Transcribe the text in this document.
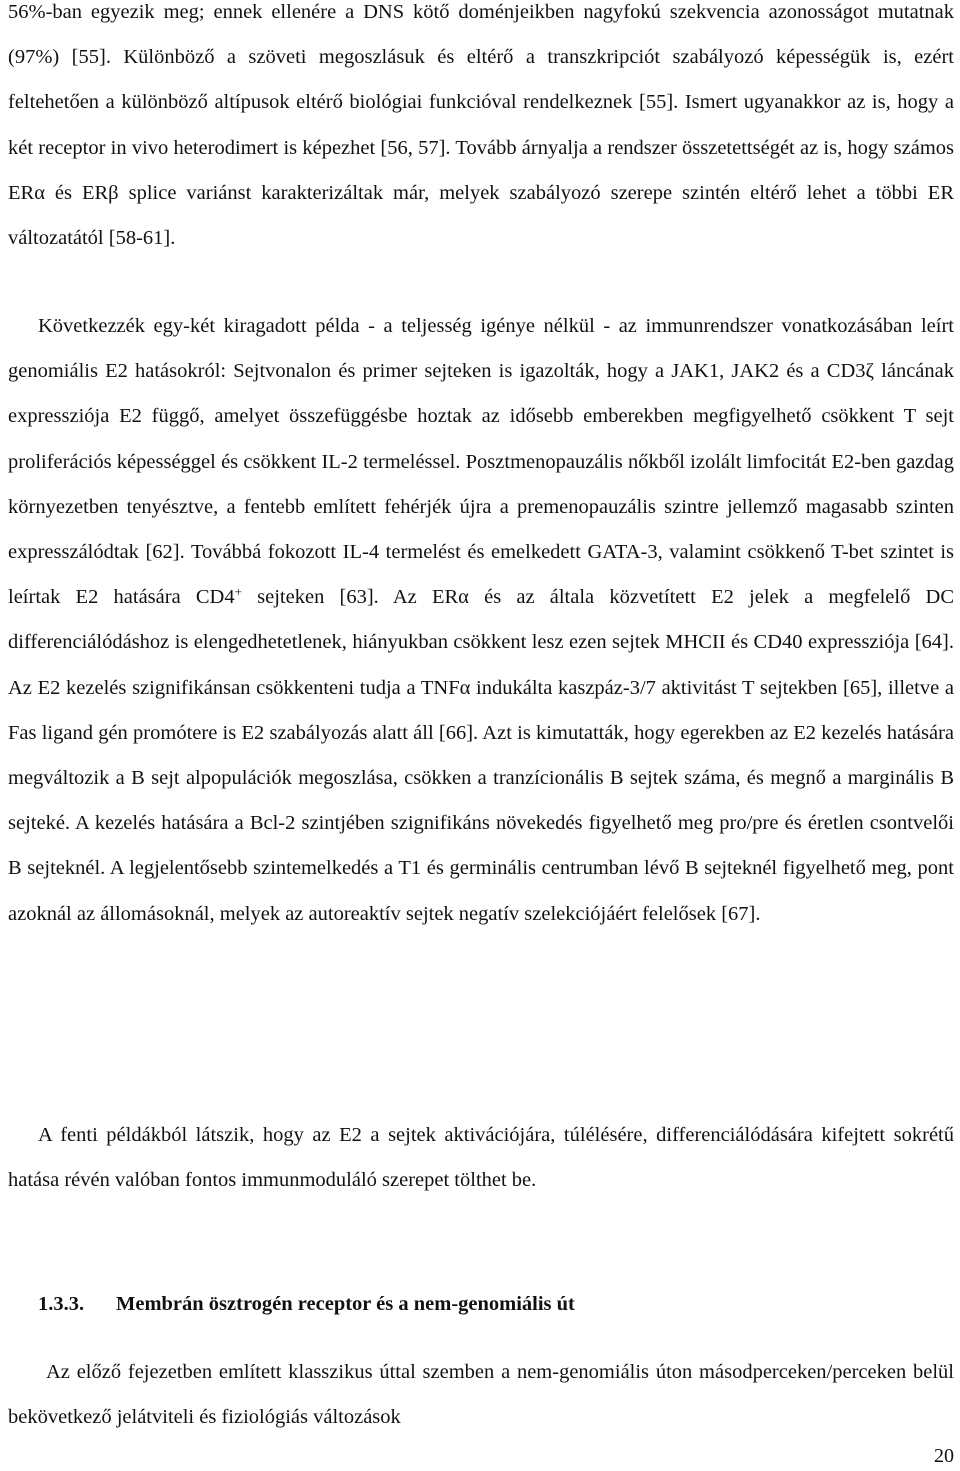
56%-ban egyezik meg; ennek ellenére a DNS kötő doménjeikben nagyfokú szekvencia azonosságot mutatnak (97%) [55]. Különböző a szöveti megoszlásuk és eltérő a transzkripciót szabályozó képességük is, ezért feltehetően a különböző altípusok eltérő biológiai funkcióval rendelkeznek [55]. Ismert ugyanakkor az is, hogy a két receptor in vivo heterodimert is képezhet [56, 57]. Tovább árnyalja a rendszer összetettségét az is, hogy számos ERα és ERβ splice variánst karakterizáltak már, melyek szabályozó szerepe szintén eltérő lehet a többi ER változatától [58-61].

Következzék egy-két kiragadott példa - a teljesség igénye nélkül - az immunrendszer vonatkozásában leírt genomiális E2 hatásokról: Sejtvonalon és primer sejteken is igazolták, hogy a JAK1, JAK2 és a CD3ζ láncának expressziója E2 függő, amelyet összefüggésbe hoztak az idősebb emberekben megfigyelhető csökkent T sejt proliferációs képességgel és csökkent IL-2 termeléssel. Posztmenopauzális nőkből izolált limfocitát E2-ben gazdag környezetben tenyésztve, a fentebb említett fehérjék újra a premenopauzális szintre jellemző magasabb szinten expresszálódtak [62]. Továbbá fokozott IL-4 termelést és emelkedett GATA-3, valamint csökkenő T-bet szintet is leírtak E2 hatására CD4+ sejteken [63]. Az ERα és az általa közvetített E2 jelek a megfelelő DC differenciálódáshoz is elengedhetetlenek, hiányukban csökkent lesz ezen sejtek MHCII és CD40 expressziója [64]. Az E2 kezelés szignifikánsan csökkenteni tudja a TNFα indukálta kaszpáz-3/7 aktivitást T sejtekben [65], illetve a Fas ligand gén promótere is E2 szabályozás alatt áll [66]. Azt is kimutatták, hogy egerekben az E2 kezelés hatására megváltozik a B sejt alpopulációk megoszlása, csökken a tranzícionális B sejtek száma, és megnő a marginális B sejteké. A kezelés hatására a Bcl-2 szintjében szignifikáns növekedés figyelhető meg pro/pre és éretlen csontvelői B sejteknél. A legjelentősebb szintemelkedés a T1 és germinális centrumban lévő B sejteknél figyelhető meg, pont azoknál az állomásoknál, melyek az autoreaktív sejtek negatív szelekciójáért felelősek [67].

A fenti példákból látszik, hogy az E2 a sejtek aktivációjára, túlélésére, differenciálódására kifejtett sokrétű hatása révén valóban fontos immunmoduláló szerepet tölthet be.

1.3.3. Membrán ösztrogén receptor és a nem-genomiális út

Az előző fejezetben említett klasszikus úttal szemben a nem-genomiális úton másodperceken/perceken belül bekövetkező jelátviteli és fiziológiás változások

20
